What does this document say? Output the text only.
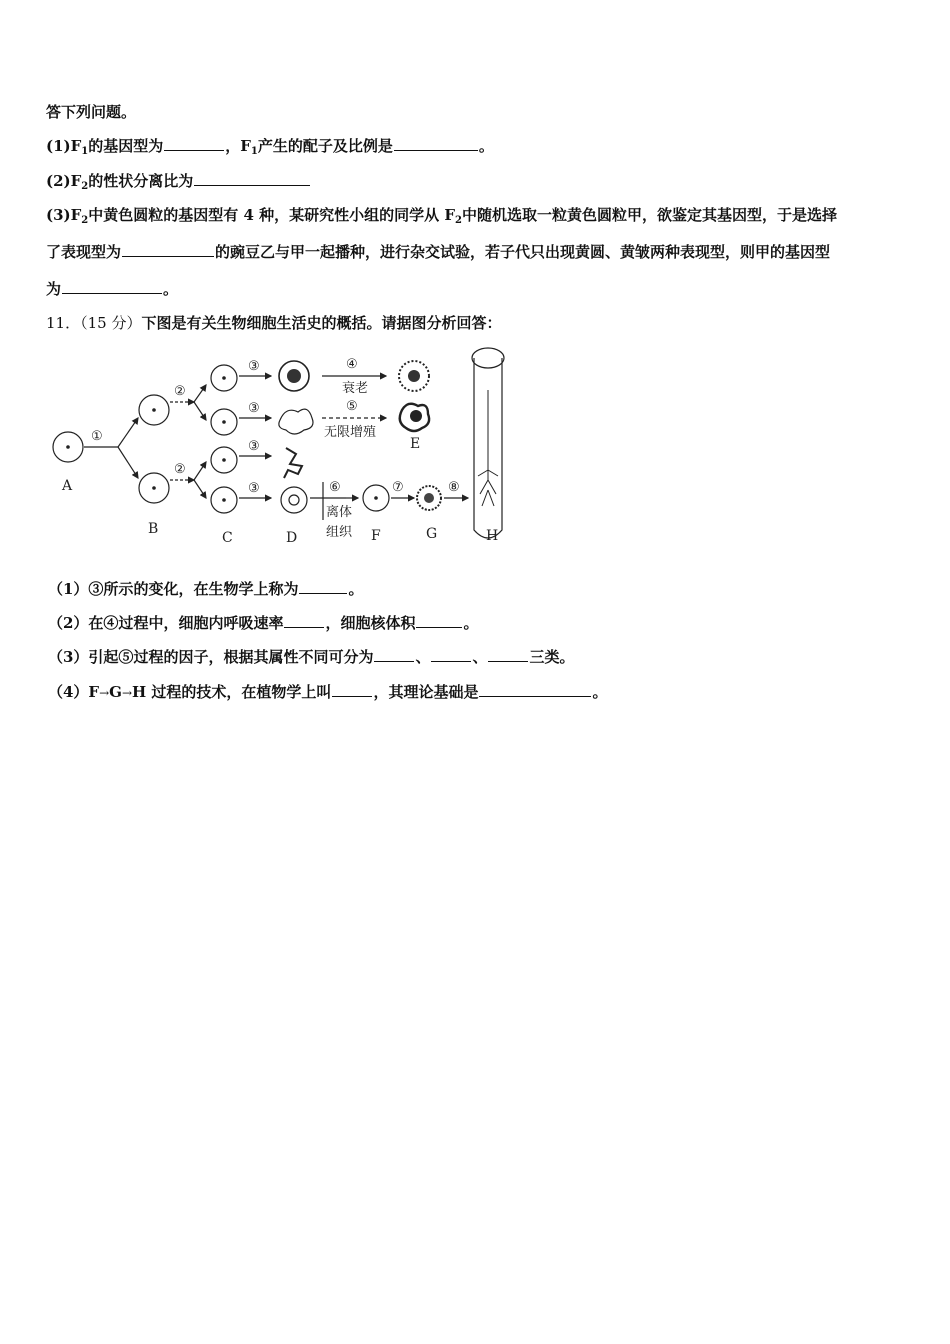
答下列问题。
$(1)F_1$的基因型为	，$F_1$产生的配子及比例是	。
$(2)F_2$的性状分离比为
$(3)F_2$中黄色圆粒的基因型有 4 种，某研究性小组的同学从 $F_2$中随机选取一粒黄色圆粒甲，欲鉴定其基因型，于是选择
了表现型为	的豌豆乙与甲一起播种，进行杂交试验，若子代只出现黄圆、黄皱两种表现型，则甲的基因型
为	。
11．（15 分）下图是有关生物细胞生活史的概括。请据图分析回答：
A
B
C	D
E
F	G	H
①
②
②
③
③
③
③
④
⑤
⑥	⑦	⑧
衰老
无限增殖
离体
组织
（1）③所示的变化，在生物学上称为	。
（2）在④过程中，细胞内呼吸速率	，细胞核体积	。
（3）引起⑤过程的因子，根据其属性不同可分为	、	、	三类。
（4）F→G→H 过程的技术，在植物学上叫	，其理论基础是	。
